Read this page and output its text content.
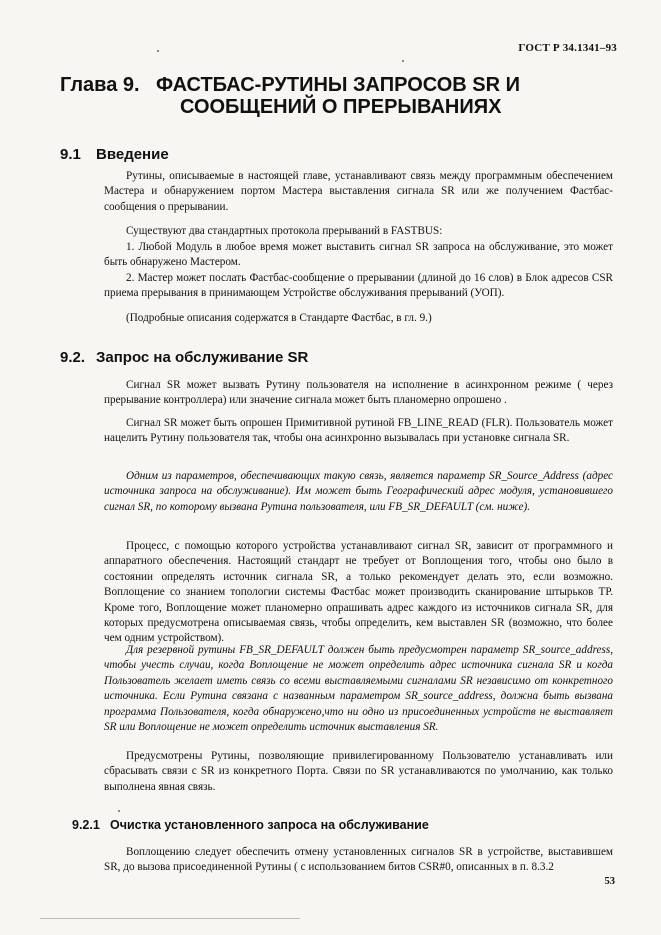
ГОСТ Р 34.1341–93
Глава 9. ФАСТБАС-РУТИНЫ ЗАПРОСОВ SR И
СООБЩЕНИЙ О ПРЕРЫВАНИЯХ
9.1 Введение
Рутины, описываемые в настоящей главе, устанавливают связь между программным обеспечением Мастера и обнаружением портом Мастера выставления сигнала SR или же получением Фастбас-сообщения о прерывании.
Существуют два стандартных протокола прерываний в FASTBUS:
1. Любой Модуль в любое время может выставить сигнал SR запроса на обслуживание, это может быть обнаружено Мастером.
2. Мастер может послать Фастбас-сообщение о прерывании (длиной до 16 слов) в Блок адресов CSR приема прерывания в принимающем Устройстве обслуживания прерываний (УОП).
(Подробные описания содержатся в Стандарте Фастбас, в гл. 9.)
9.2. Запрос на обслуживание SR
Сигнал SR может вызвать Рутину пользователя на исполнение в асинхронном режиме ( через прерывание контроллера) или значение сигнала может быть планомерно опрошено .
Сигнал SR может быть опрошен Примитивной рутиной FB_LINE_READ (FLR). Пользователь может нацелить Рутину пользователя так, чтобы она асинхронно вызывалась при установке сигнала SR.
Одним из параметров, обеспечивающих такую связь, является параметр SR_Source_Address (адрес источника запроса на обслуживание). Им может быть Географический адрес модуля, установившего сигнал SR, по которому вызвана Рутина пользователя, или FB_SR_DEFAULT (см. ниже).
Процесс, с помощью которого устройства устанавливают сигнал SR, зависит от программного и аппаратного обеспечения. Настоящий стандарт не требует от Воплощения того, чтобы оно было в состоянии определять источник сигнала SR, а только рекомендует делать это, если возможно. Воплощение со знанием топологии системы Фастбас может производить сканирование штырьков ТР. Кроме того, Воплощение может планомерно опрашивать адрес каждого из источников сигнала SR, для которых предусмотрена описываемая связь, чтобы определить, кем выставлен SR (возможно, что более чем одним устройством).
Для резервной рутины FB_SR_DEFAULT должен быть предусмотрен параметр SR_source_address, чтобы учесть случаи, когда Воплощение не может определить адрес источника сигнала SR и когда Пользователь желает иметь связь со всеми выставляемыми сигналами SR независимо от конкретного источника. Если Рутина связана с названным параметром SR_source_address, должна быть вызвана программа Пользователя, когда обнаружено,что ни одно из присоединенных устройств не выставляет SR или Воплощение не может определить источник выставления SR.
Предусмотрены Рутины, позволяющие привилегированному Пользователю устанавливать или сбрасывать связи с SR из конкретного Порта. Связи по SR устанавливаются по умолчанию, как только выполнена явная связь.
9.2.1 Очистка установленного запроса на обслуживание
Воплощению следует обеспечить отмену установленных сигналов SR в устройстве, выставившем SR, до вызова присоединенной Рутины ( с использованием битов CSR#0, описанных в п. 8.3.2
53
